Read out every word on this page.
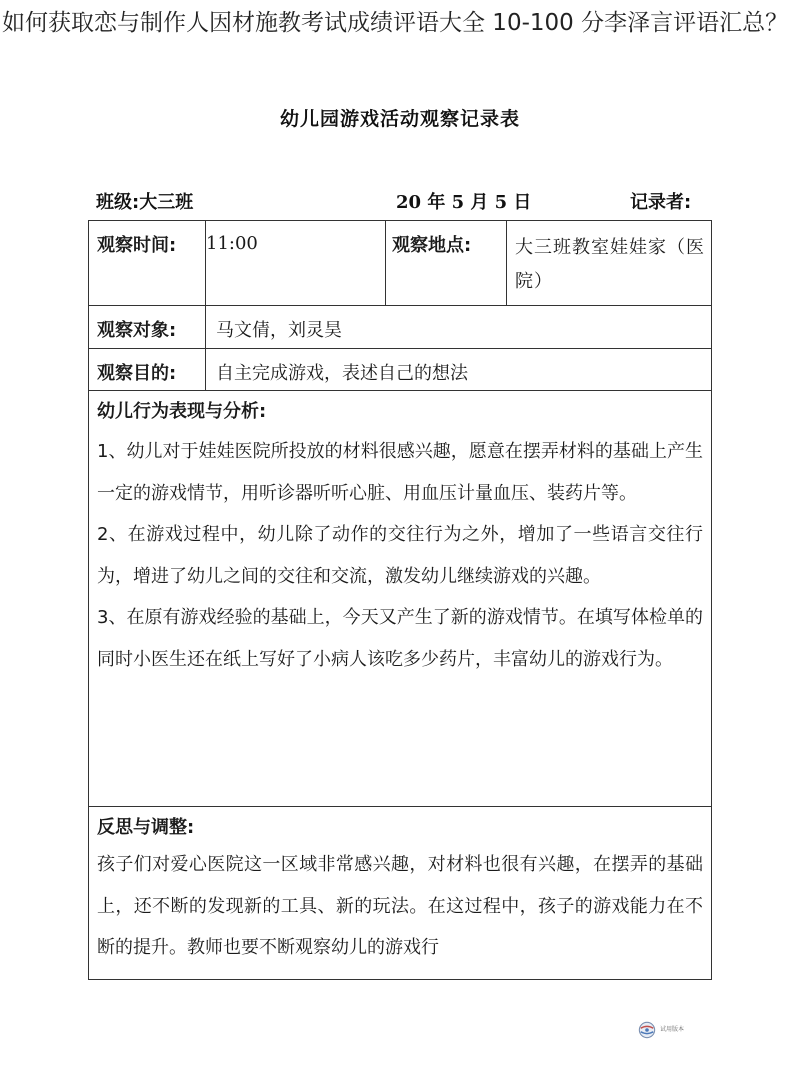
如何获取恋与制作人因材施教考试成绩评语大全 10-100 分李泽言评语汇总？
幼儿园游戏活动观察记录表
班级:大三班	20 年 5 月 5 日	记录者:
观察时间:	11:00	观察地点:	大三班教室娃娃家（医院）
观察对象:	马文倩，刘灵昊
观察目的:	自主完成游戏，表述自己的想法
幼儿行为表现与分析:

1、幼儿对于娃娃医院所投放的材料很感兴趣，愿意在摆弄材料的基础上产生一定的游戏情节，用听诊器听听心脏、用血压计量血压、装药片等。

2、在游戏过程中，幼儿除了动作的交往行为之外，增加了一些语言交往行为，增进了幼儿之间的交往和交流，激发幼儿继续游戏的兴趣。

3、在原有游戏经验的基础上，今天又产生了新的游戏情节。在填写体检单的同时小医生还在纸上写好了小病人该吃多少药片，丰富幼儿的游戏行为。

反思与调整:

孩子们对爱心医院这一区域非常感兴趣，对材料也很有兴趣，在摆弄的基础上，还不断的发现新的工具、新的玩法。在这过程中，孩子的游戏能力在不断的提升。教师也要不断观察幼儿的游戏行

试用版本
